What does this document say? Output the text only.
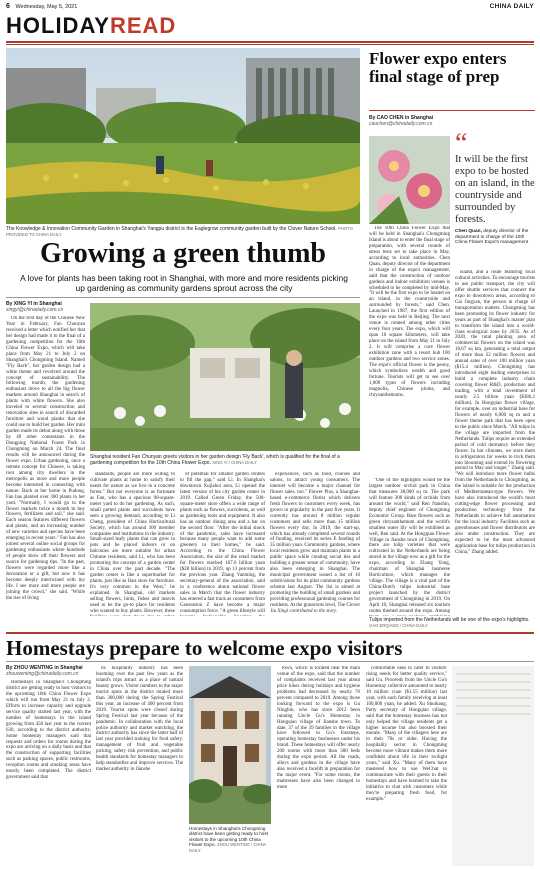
6 Wednesday, May 5, 2021	CHINA DAILY
HOLIDAYREAD
The Knowledge & Innovation Community Garden in Shanghai's Yangpu district is the Eaglegrow community garden built by the Clover Nature School. PHOTO PROVIDED TO CHINA DAILY
Flower expo enters final stage of prep
By CAO CHEN in Shanghai
caochen@chinadaily.com.cn
The 10th China Flower Expo that will be held in Shanghai's Chongming Island is about to enter the final stage of preparation, with several rounds of stress tests set to take place in May, according to local authorities. Chen Quan, deputy director of the department in charge of the expo's management, said that the construction of outdoor gardens and indoor exhibition venues is scheduled to be completed by mid-May. "It will be the first expo to be hosted on an island, in the countryside and surrounded by forests," said Chen. Launched in 1987, the first edition of the expo was held in Beijing. The next venue is rotated among other cities every four years. The expo, which will span 10 square kilometers, will take place on the island from May 21 to July 2. It will comprise a core flower exhibition zone with a resort hub 100 outdoor gardens and two service zones. The expo's official flower is the peony, which symbolizes wealth and good fortune. Tourists will get to see over 1,000 types of flowers including magnolia, Chinese plums, and chrysanthemums.
"One of the highlights would be the largest outdoor orchid park in China that measures 38,000 sq m. The park will feature 300 kinds of orchids from around the world," said Ren Nanshin, deputy chief engineer of Chongming Economic Group. Rare flowers such as green chrysanthemum and the world's smallest water lily will be exhibited as well, Ren said. At the Hongqiao Flower Village in Jianshe town of Chongming, there are tulip varieties that were cultivated in the Netherlands are being stored in the village now as a gift for the expo, according to Zhang Yong, chairman of Shanghai Jasmeree Horticulture, which manages the village. The village is a vital part of the China-Dutch tulips industrial base project launched by the district government of Chongming in 2019. On April 10, Shanghai released six tourism routes themed around the expo. Among
“
It will be the first expo to be hosted on an island, in the countryside and surrounded by forests.
Chen Quan, deputy director of the department in charge of the 10th China Flower Expo's management
island, and a route featuring local cultural activities. To encourage tourists to use public transport, the city will offer shuttle services that connect the expo to downtown areas, according to Cai Jingyan, the person in charge of transportation matters. Chongming has been promoting its flower industry for years as part of Shanghai's master plan to transform the island into a world-class ecological zone by 2035. As of 2020, the total planting area of commercial flowers on the island was 18,67 sq km, generating a total output of more than 22 million flowers and annual sales of over 100 million yuan ($15.4 million). Chongming has introduced eight leading enterprises to build a complete industry chain covering flower R&D, production and trading, with a total investment of nearly 2.5 billion yuan ($386.2 million). In Hongqiao flower village, for example, over an industrial base for flowers of nearly 6,000 sq m and a flower theme park that has been open to the public since March. "All tulips in the village are imported from the Netherlands. Tulips require an extended period of cold dormancy before they flower. In hot climates, we store them in refrigerators for weeks to trick them into blooming and extend its flowering period to May and longer," Zhang said. "We will introduce more flower bulbs from the Netherlands to Chongming, as the island is suitable for the production of Mediterranean-type flowers. We have also introduced the world's most cutting-edge flower processing and production technology from the Netherlands to achieve full automation for the local industry. Facilities such as greenhouses and flower distributors are also under construction. They are expected to be the most advanced application base for tulips production in China," Zhang added.
Growing a green thumb
A love for plants has been taking root in Shanghai, with more and more residents picking up gardening as community gardens sprout across the city
By XING YI in Shanghai
xingyi@chinadaily.com.cn
On the first day of the Chinese New Year in February, Fan Chunyan received a letter which notified her that her design had made it to the final of a gardening competition for the 10th China Flower Expo, which will take place from May 21 to July 2 on Shanghai's Chongming Island. Named "Fly Back", her garden design had a white theme and revolved around the concept of sustainability. The following month, the gardening enthusiast drove to all the big flower markets around Shanghai in search of plants with white flowers. She also traveled to several construction and renovation sites in search of discarded furniture and wood planks that she could use to build her garden. Her mini garden made its debut along with those by 49 other contestants in the Dongping National Forest Park in Chongming on March 24. The final results will be announced during the flower expo. Urban gardening, once a remote concept for Chinese, is taking root among city dwellers in the metropolis as more and more people become interested in connecting with nature. Back at her home in Pudong, Fan has planted over 300 plants in her yard. "Normally, I would go to the flower markets twice a month to buy flowers, fertilizers and soil," she said. Each season features different flowers and plants, and an increasing number of new varieties and species have been emerging in recent years." Fan has also joined several online social groups for gardening enthusiasts where hundreds of people show off their flowers and source for gardening tips. "In the past, flowers were regarded more like a decoration or a gift, but now it has become deeply intertwined with my life. I see more and more people are joining the crowd," she said. "While the rise of living
Shanghai resident Fan Chunyan greets visitors in her garden design 'Fly Back', which is qualified for the final of a gardening competition for the 10th China Flower Expo. XING YI / CHINA DAILY
standards, people are more willing to cultivate plants at home to satisfy their needs for nature as we live in a concrete forest." But not everyone is as fortunate as Fan, who has a spacious 90-square-meter yard to do her gardening. As such, small potted plants and succulents have seen a growing demand, according to Li Cheng, president of China Horticultural Society, which has around 300 member companies and institutions in the industry. Small-sized leafy plants that can grow in pots and be placed indoors or on balconies are more suitable for urban Chinese residents, said Li, who has been promoting the concept of a garden center in China over the past decade. "The garden center is like a supermarket for plants, just like as Ikea store for furniture. It's very common in the West," he explained. In Shanghai, old markets selling flowers, birds, fishes and insects used to be the go-to place for residents who wanted to buy plants. However, these
of potential for smaller garden centers to fill the gap," said Li. In Shanghai's downtown Xujiahui area, Li opened the latest version of his city garden center in 2019. Called Green Friday, the 500-square-meter store offers a wide range of plants such as flowers, succulents, as well as gardening tools and equipment. It also has an outdoor dining area and a bar on the second floor. "After the initial shock of the pandemic, sales have increased because many people want to add some greenery to their homes," he said. According to the China Flower Association, the size of the retail market for flowers reached 167.6 billion yuan ($28 billion) in 2019, up 13 percent from the previous year. Zhang Yanming, the secretary-general of the association, said in a conference about national flower sales in March that the flower industry has entered a fast track as consumers from Generation Z have become a major consumption force. "A green lifestyle will
experiences, such as food, courses and salons, to attract young consumers. The internet will become a major channel for flower sales, too." Flower Plus, a Shanghai-based e-commerce florist which delivers fresh flowers to customers every week, has grown in popularity in the past five years. It currently has around 8 million regular customers and sells more than 15 million flowers every day. In 2019, the start-up, which has already completed several rounds of funding, received its series E funding of 35 million yuan. Community gardens, where local residents grow and maintain plants in a public space while creating social ties and building a greater sense of community, have also been emerging in Shanghai. The municipal government issued a list of 16 subdivisions for its pilot community gardens scheme last August. The list is aimed at promoting the building of small gardens and providing professional gardening courses for residents. At the grassroots level, The Clover
Jiu Xingi contributed to the story.
Tulips imported from the Netherlands will be one of the expo's highlights. GAO ERQIANG / CHINA DAILY
Homestays prepare to welcome expo visitors
By ZHOU WENTING in Shanghai
zhouwenting@chinadaily.com.cn
Homestays in Shanghai's Chongming district are getting ready to host visitors to the upcoming 10th China Flower Expo which will run from May 21 to July 2. Efforts to increase capacity and upgrade service quality started last year, with the number of homestays in the island growing from 450 last year to the current 630, according to the district authority. Some homestay managers said that requests and orders for rooms during the expo are arriving on a daily basis and that the construction of supporting facilities such as parking spaces, public restrooms, reception rooms and smoking areas have mostly been completed. The district government said that
its hospitality industry has been booming over the past few years as the island's trips attract as a place of natural beauty grows. Visitor numbers to the major tourist spots in the district totaled more than 300,000 during the Spring Festival this year, an increase of 400 percent from 2019. Tourist spots were closed during Spring Festival last year because of the pandemic. In collaboration with the local police authority and market watchdog, the district authority has since the latter half of last year provided training for food safety, management of fruit and vegetable picking, safety risk prevention, and public health standards for homestay managers to help standardize and improve services. The market authority in Jianshe
Homestays in Shanghai's Chongming district have been getting ready to host visitors to the upcoming 10th China Flower Expo. ZHOU WENTING / CHINA DAILY
town, which is located near the main venue of the expo, said that the number of complaints received last year about price hikes during holidays and hygiene problems had decreased by nearly 70 percent compared to 2019. Among those looking forward to the expo is Gu Ningbin, who has since 2012 been running Uncle Gu's Homestay in Hongqiao village of Jianshe town. To date, 37 of the 39 families in the village have followed in Gu's footsteps, operating homestay businesses under his brand. These homestays will offer nearly 200 rooms with more than 300 beds during the expo period. All the roads, alleys and gardens in the village have also received a facelift in preparation for the major event. "For some rooms, the mattresses have also been changed to more
comfortable ones to cater to visitors' rising needs for better quality service," said Gu. Proceeds from the Uncle Gu's Homestay collective amounted to nearly 10 million yuan ($1.55 million) last year, with each family receiving at least 100,000 yuan, he added. Xu Shuikang, Party secretary of Hongqiao village, said that the homestay business has not only helped the village residents get a higher income but also boosted their morale. "Many of the villagers here are in their 70s or older. Having the hospitality sector in Chongming become more vibrant makes them more confident about life in their twilight years," said Xu. "Many of them have mastered how to use WeChat to communicate with their guests in their homestays and have learned to take the initiative to chat with customers while they're preparing fresh food, for example."
